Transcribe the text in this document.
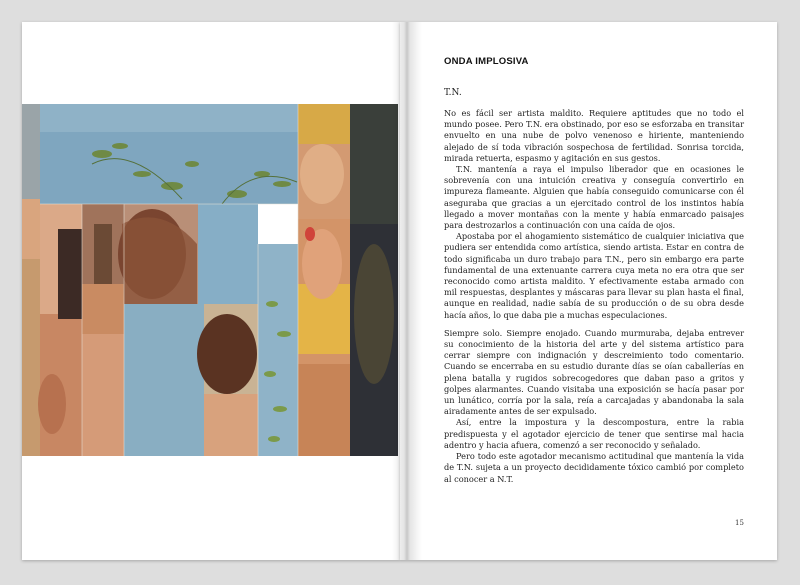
ONDA IMPLOSIVA
T.N.

No es fácil ser artista maldito. Requiere aptitudes que no todo el mundo posee. Pero T.N. era obstinado, por eso se esforzaba en transitar envuelto en una nube de polvo venenoso e hiriente, manteniendo alejado de sí toda vibración sospechosa de fertilidad. Sonrisa torcida, mirada retuerta, espasmo y agitación en sus gestos.

T.N. mantenía a raya el impulso liberador que en ocasiones le sobrevenía con una intuición creativa y conseguía convertirlo en impureza flameante. Alguien que había conseguido comunicarse con él aseguraba que gracias a un ejercitado control de los instintos había llegado a mover montañas con la mente y había enmarcado paisajes para destrozarlos a continuación con una caída de ojos.

Apostaba por el ahogamiento sistemático de cualquier iniciativa que pudiera ser entendida como artística, siendo artista. Estar en contra de todo significaba un duro trabajo para T.N., pero sin embargo era parte fundamental de una extenuante carrera cuya meta no era otra que ser reconocido como artista maldito. Y efectivamente estaba armado con mil respuestas, desplantes y máscaras para llevar su plan hasta el final, aunque en realidad, nadie sabía de su producción o de su obra desde hacía años, lo que daba pie a muchas especulaciones.

Siempre solo. Siempre enojado. Cuando murmuraba, dejaba entrever su conocimiento de la historia del arte y del sistema artístico para cerrar siempre con indignación y descreimiento todo comentario. Cuando se encerraba en su estudio durante días se oían caballerías en plena batalla y rugidos sobrecogedores que daban paso a gritos y golpes alarmantes. Cuando visitaba una exposición se hacía pasar por un lunático, corría por la sala, reía a carcajadas y abandonaba la sala airadamente antes de ser expulsado.

Así, entre la impostura y la descompostura, entre la rabia predispuesta y el agotador ejercicio de tener que sentirse mal hacia adentro y hacia afuera, comenzó a ser reconocido y señalado.

Pero todo este agotador mecanismo actitudinal que mantenía la vida de T.N. sujeta a un proyecto decididamente tóxico cambió por completo al conocer a N.T.

15
